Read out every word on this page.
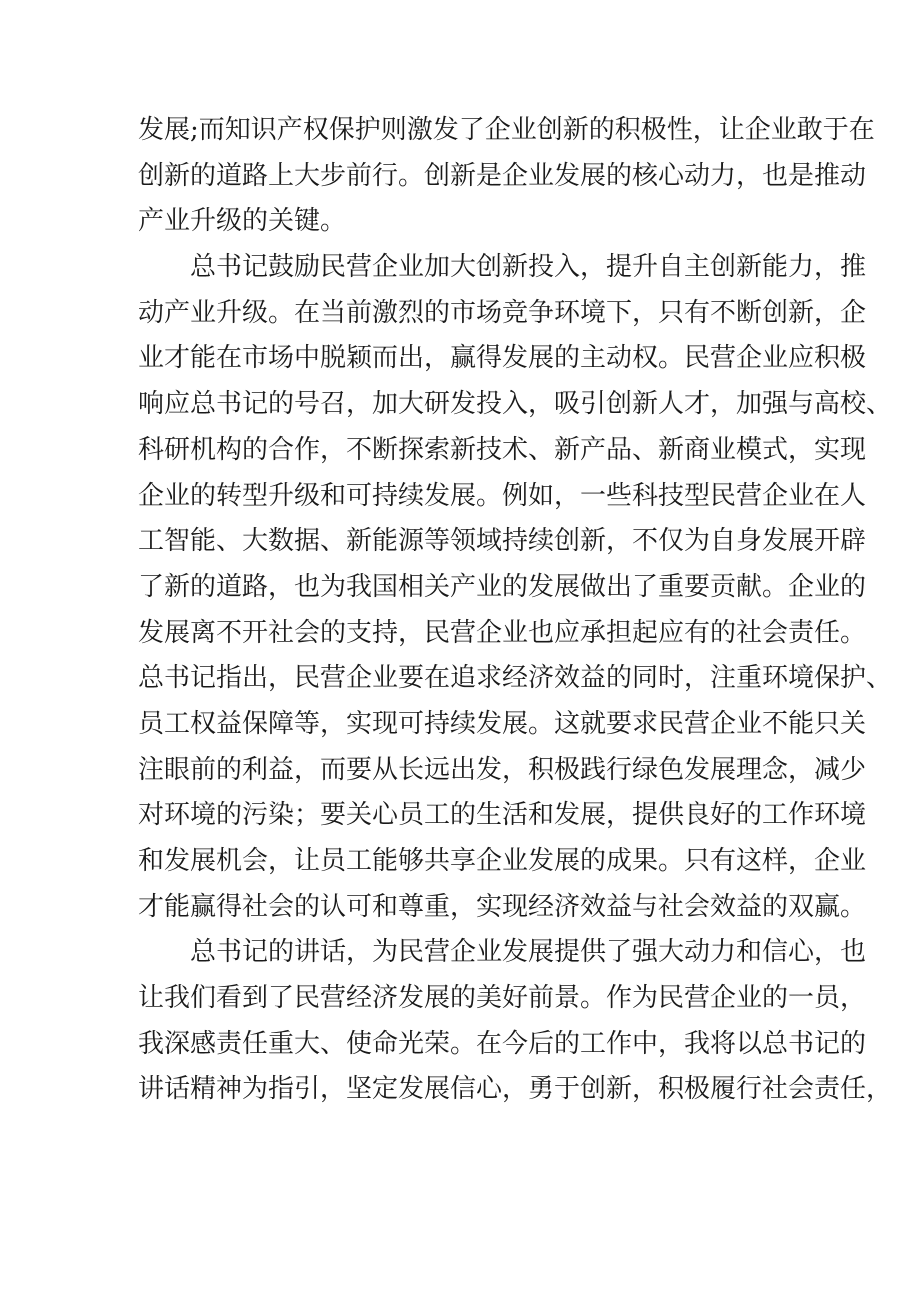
发展;而知识产权保护则激发了企业创新的积极性，让企业敢于在
创新的道路上大步前行。创新是企业发展的核心动力，也是推动
产业升级的关键。
总书记鼓励民营企业加大创新投入，提升自主创新能力，推
动产业升级。在当前激烈的市场竞争环境下，只有不断创新，企
业才能在市场中脱颖而出，赢得发展的主动权。民营企业应积极
响应总书记的号召，加大研发投入，吸引创新人才，加强与高校、
科研机构的合作，不断探索新技术、新产品、新商业模式，实现
企业的转型升级和可持续发展。例如，一些科技型民营企业在人
工智能、大数据、新能源等领域持续创新，不仅为自身发展开辟
了新的道路，也为我国相关产业的发展做出了重要贡献。企业的
发展离不开社会的支持，民营企业也应承担起应有的社会责任。
总书记指出，民营企业要在追求经济效益的同时，注重环境保护、
员工权益保障等，实现可持续发展。这就要求民营企业不能只关
注眼前的利益，而要从长远出发，积极践行绿色发展理念，减少
对环境的污染；要关心员工的生活和发展，提供良好的工作环境
和发展机会，让员工能够共享企业发展的成果。只有这样，企业
才能赢得社会的认可和尊重，实现经济效益与社会效益的双赢。
总书记的讲话，为民营企业发展提供了强大动力和信心，也
让我们看到了民营经济发展的美好前景。作为民营企业的一员，
我深感责任重大、使命光荣。在今后的工作中，我将以总书记的
讲话精神为指引，坚定发展信心，勇于创新，积极履行社会责任，
